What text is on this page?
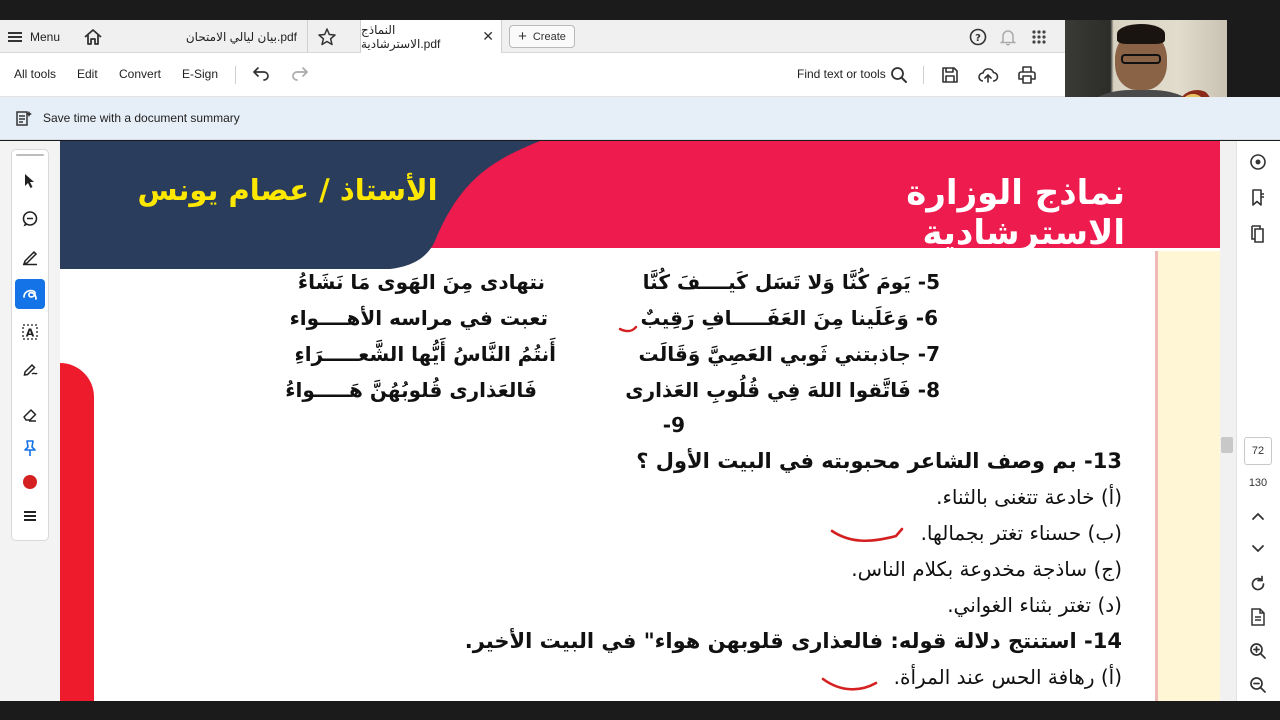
Menu	بيان ليالي الامتحان.pdf	النماذج الاسترشادية.pdf	✕ + Create	?
All tools Edit Convert E-Sign	Find text or tools
Save time with a document summary
A
نماذج الوزارة الاسترشادية
الأستاذ / عصام يونس
5- يَومَ كُنَّا وَلا تَسَل كَيــــفَ كُنَّا
نتهادى مِنَ الهَوى مَا نَشَاءُ
6- وَعَلَينا مِنَ العَفَـــــافِ رَقِيبٌ
تعبت في مراسه الأهــــواء
7- جاذبتني ثَوبي العَصِيَّ وَقَالَت
أَنتُمُ النَّاسُ أَيُّها الشَّعـــــرَاءِ
8- فَاتَّقوا اللهَ فِي قُلُوبِ العَذارى
فَالعَذارى قُلوبُهُنَّ هَـــــواءُ
9-
13- بم وصف الشاعر محبوبته في البيت الأول ؟
(أ) خادعة تتغنى بالثناء.
(ب) حسناء تغتر بجمالها.
(ج) ساذجة مخدوعة بكلام الناس.
(د) تغتر بثناء الغواني.
14- استنتج دلالة قوله: فالعذارى قلوبهن هواء" في البيت الأخير.
(أ) رهافة الحس عند المرأة.
72
130
